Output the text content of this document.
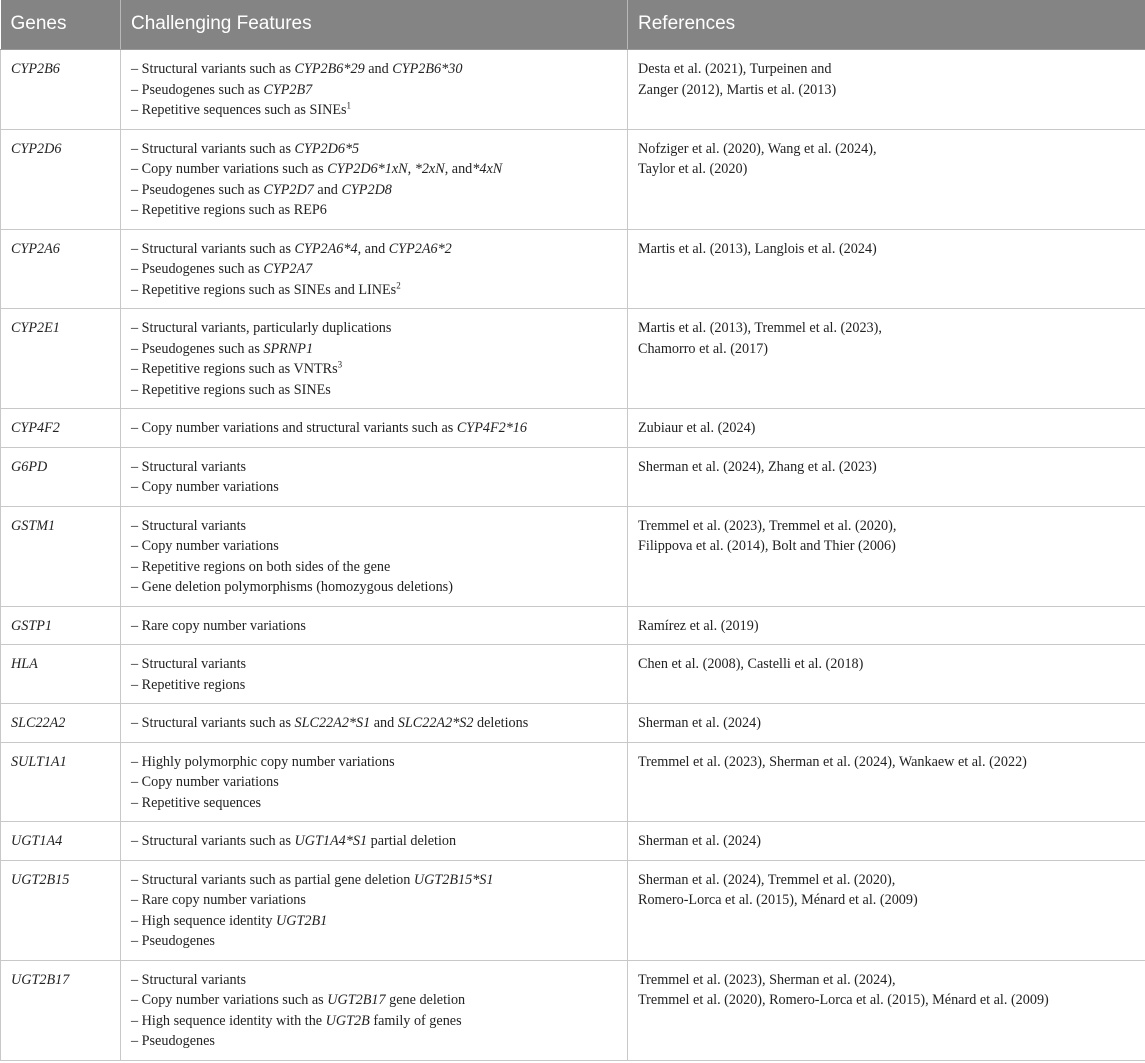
Genes	Challenging Features	References
CYP2B6	– Structural variants such as CYP2B6*29 and CYP2B6*30
– Pseudogenes such as CYP2B7
– Repetitive sequences such as SINEs$^1$	Desta et al. (2021), Turpeinen and
Zanger (2012), Martis et al. (2013)

CYP2D6	– Structural variants such as CYP2D6*5
– Copy number variations such as CYP2D6*1xN, *2xN, and*4xN
– Pseudogenes such as CYP2D7 and CYP2D8
– Repetitive regions such as REP6	Nofziger et al. (2020), Wang et al. (2024),
Taylor et al. (2020)

CYP2A6	– Structural variants such as CYP2A6*4, and CYP2A6*2
– Pseudogenes such as CYP2A7
– Repetitive regions such as SINEs and LINEs$^2$	Martis et al. (2013), Langlois et al. (2024)

CYP2E1	– Structural variants, particularly duplications
– Pseudogenes such as SPRNP1
– Repetitive regions such as VNTRs$^3$
– Repetitive regions such as SINEs	Martis et al. (2013), Tremmel et al. (2023),
Chamorro et al. (2017)

CYP4F2	– Copy number variations and structural variants such as CYP4F2*16	Zubiaur et al. (2024)

G6PD	– Structural variants
– Copy number variations	Sherman et al. (2024), Zhang et al. (2023)

GSTM1	– Structural variants
– Copy number variations
– Repetitive regions on both sides of the gene
– Gene deletion polymorphisms (homozygous deletions)	Tremmel et al. (2023), Tremmel et al. (2020),
Filippova et al. (2014), Bolt and Thier (2006)

GSTP1	– Rare copy number variations	Ramírez et al. (2019)

HLA	– Structural variants
– Repetitive regions	Chen et al. (2008), Castelli et al. (2018)

SLC22A2	– Structural variants such as SLC22A2*S1 and SLC22A2*S2 deletions	Sherman et al. (2024)

SULT1A1	– Highly polymorphic copy number variations
– Copy number variations
– Repetitive sequences	Tremmel et al. (2023), Sherman et al. (2024), Wankaew et al. (2022)

UGT1A4	– Structural variants such as UGT1A4*S1 partial deletion	Sherman et al. (2024)

UGT2B15	– Structural variants such as partial gene deletion UGT2B15*S1
– Rare copy number variations
– High sequence identity UGT2B1
– Pseudogenes	Sherman et al. (2024), Tremmel et al. (2020),
Romero-Lorca et al. (2015), Ménard et al. (2009)

UGT2B17	– Structural variants
– Copy number variations such as UGT2B17 gene deletion
– High sequence identity with the UGT2B family of genes
– Pseudogenes	Tremmel et al. (2023), Sherman et al. (2024),
Tremmel et al. (2020), Romero-Lorca et al. (2015), Ménard et al. (2009)
